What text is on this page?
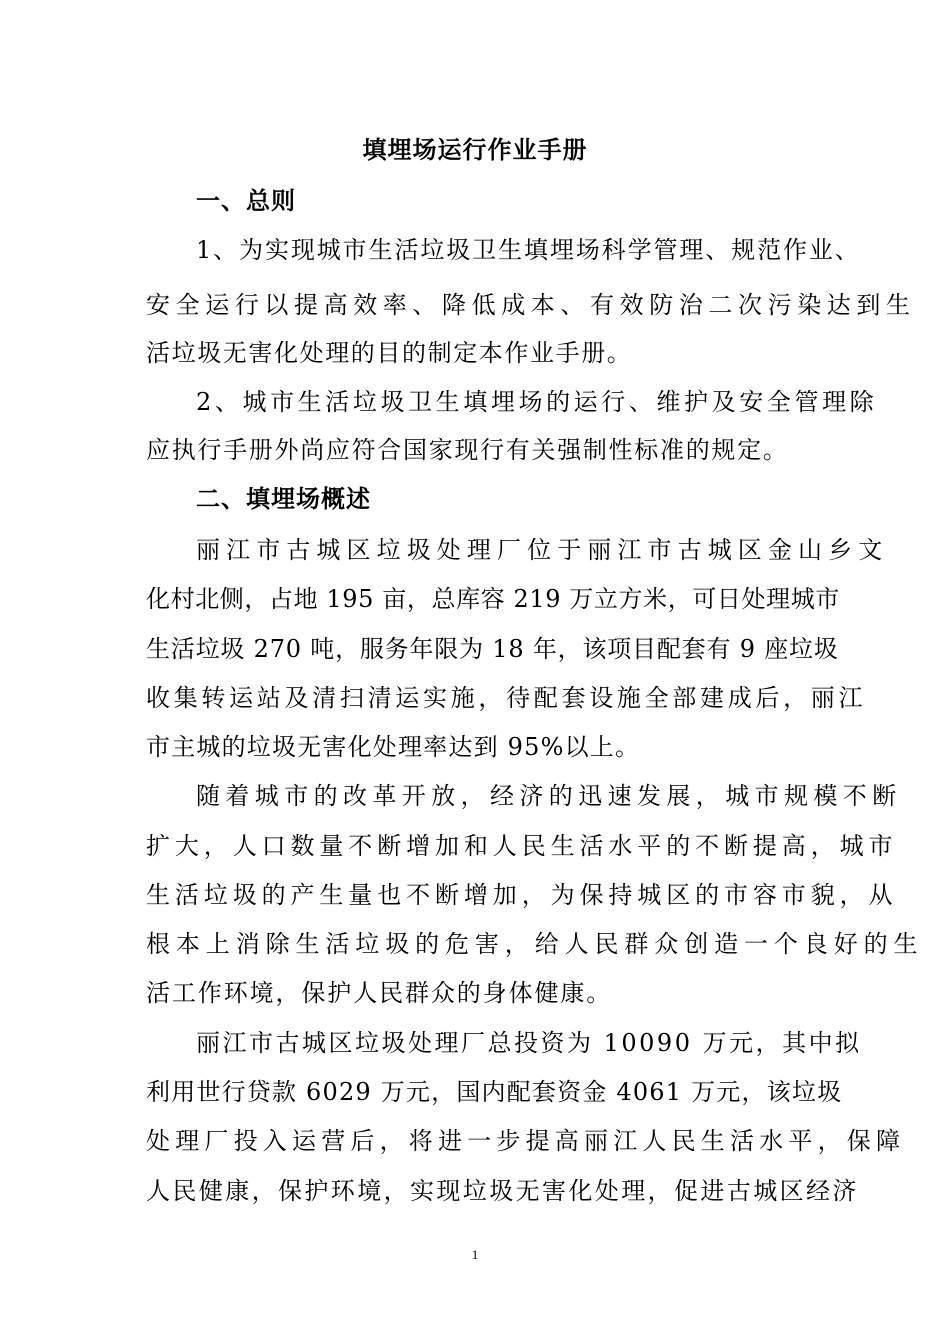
填埋场运行作业手册
一、总则
1、为实现城市生活垃圾卫生填埋场科学管理、规范作业、
安全运行以提高效率、降低成本、有效防治二次污染达到生
活垃圾无害化处理的目的制定本作业手册。
2、城市生活垃圾卫生填埋场的运行、维护及安全管理除
应执行手册外尚应符合国家现行有关强制性标准的规定。
二、填埋场概述
丽江市古城区垃圾处理厂位于丽江市古城区金山乡文
化村北侧，占地 195 亩，总库容 219 万立方米，可日处理城市
生活垃圾 270 吨，服务年限为 18 年，该项目配套有 9 座垃圾
收集转运站及清扫清运实施，待配套设施全部建成后，丽江
市主城的垃圾无害化处理率达到 95%以上。
随着城市的改革开放，经济的迅速发展，城市规模不断
扩大，人口数量不断增加和人民生活水平的不断提高，城市
生活垃圾的产生量也不断增加，为保持城区的市容市貌，从
根本上消除生活垃圾的危害，给人民群众创造一个良好的生
活工作环境，保护人民群众的身体健康。
丽江市古城区垃圾处理厂总投资为 10090 万元，其中拟
利用世行贷款 6029 万元，国内配套资金 4061 万元，该垃圾
处理厂投入运营后，将进一步提高丽江人民生活水平，保障
人民健康，保护环境，实现垃圾无害化处理，促进古城区经济
1
